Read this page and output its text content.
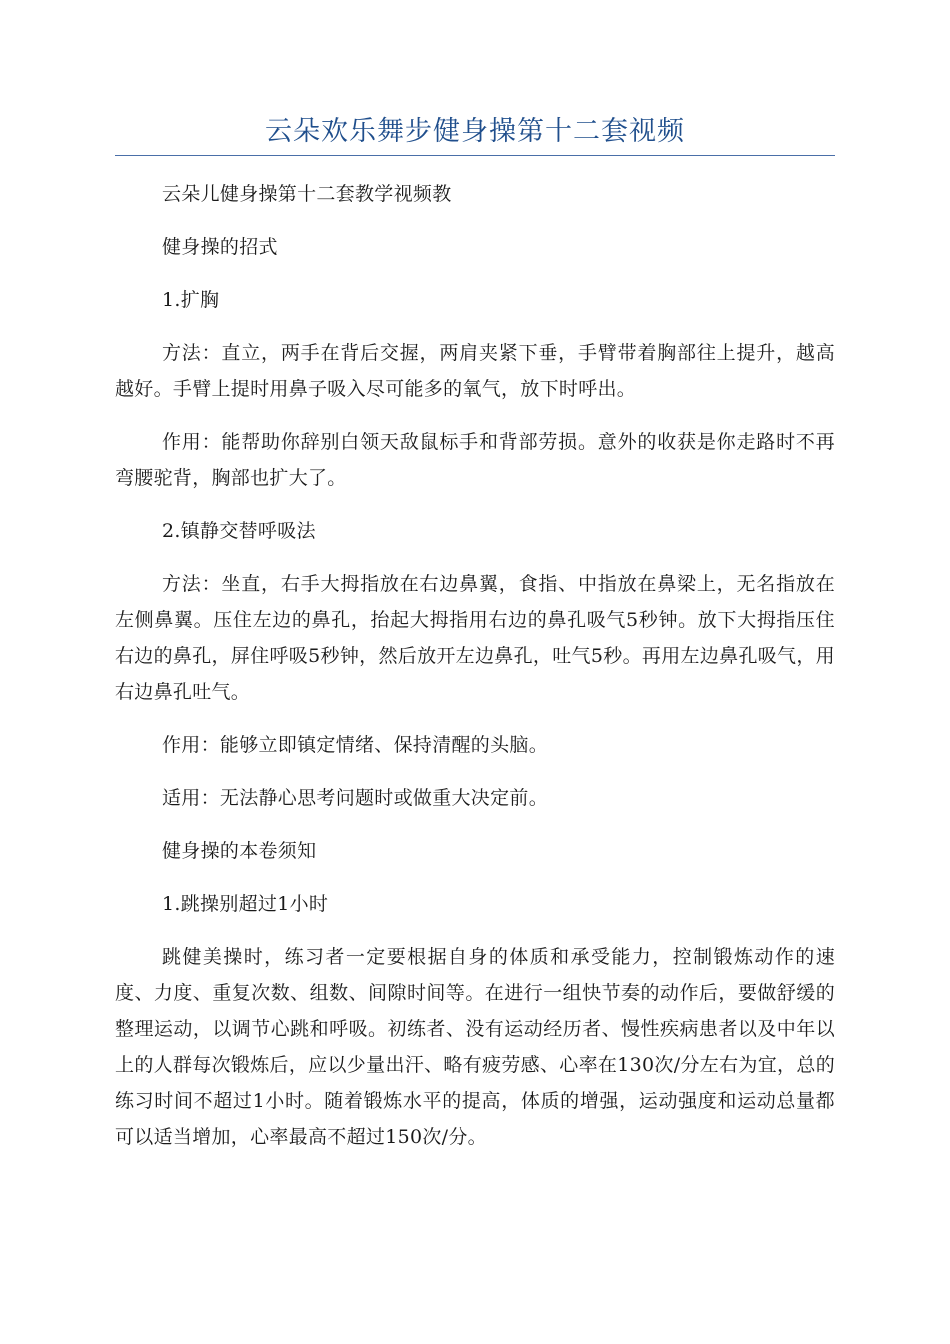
云朵欢乐舞步健身操第十二套视频

云朵儿健身操第十二套教学视频教

健身操的招式

1.扩胸

方法：直立，两手在背后交握，两肩夹紧下垂，手臂带着胸部往上提升，越高越好。手臂上提时用鼻子吸入尽可能多的氧气，放下时呼出。

作用：能帮助你辞别白领天敌鼠标手和背部劳损。意外的收获是你走路时不再弯腰驼背，胸部也扩大了。

2.镇静交替呼吸法

方法：坐直，右手大拇指放在右边鼻翼，食指、中指放在鼻梁上，无名指放在左侧鼻翼。压住左边的鼻孔，抬起大拇指用右边的鼻孔吸气5秒钟。放下大拇指压住右边的鼻孔，屏住呼吸5秒钟，然后放开左边鼻孔，吐气5秒。再用左边鼻孔吸气，用右边鼻孔吐气。

作用：能够立即镇定情绪、保持清醒的头脑。

适用：无法静心思考问题时或做重大决定前。

健身操的本卷须知

1.跳操别超过1小时

跳健美操时，练习者一定要根据自身的体质和承受能力，控制锻炼动作的速度、力度、重复次数、组数、间隙时间等。在进行一组快节奏的动作后，要做舒缓的整理运动，以调节心跳和呼吸。初练者、没有运动经历者、慢性疾病患者以及中年以上的人群每次锻炼后，应以少量出汗、略有疲劳感、心率在130次/分左右为宜，总的练习时间不超过1小时。随着锻炼水平的提高，体质的增强，运动强度和运动总量都可以适当增加，心率最高不超过150次/分。
